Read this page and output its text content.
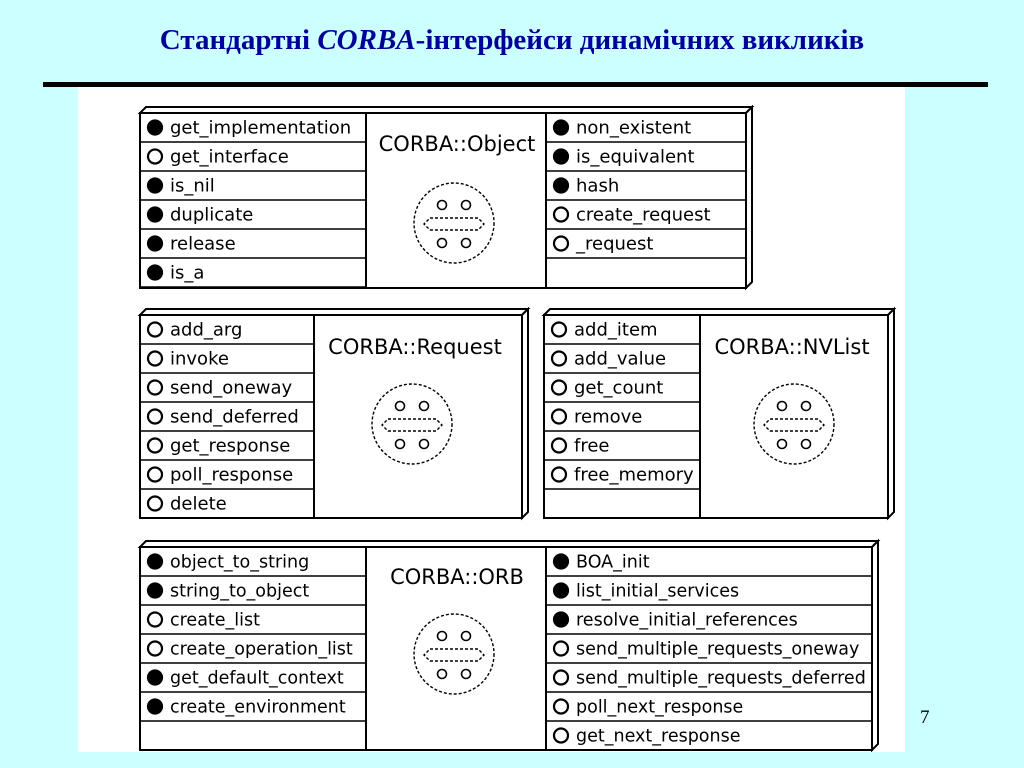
Стандартні CORBA-інтерфейси динамічних викликів
get_implementation
get_interface
is_nil
duplicate
release
is_a
non_existent
is_equivalent
hash
create_request
_request
CORBA::Object
add_arg
invoke
send_oneway
send_deferred
get_response
poll_response
delete
CORBA::Request
add_item
add_value
get_count
remove
free
free_memory
CORBA::NVList
object_to_string
string_to_object
create_list
create_operation_list
get_default_context
create_environment
BOA_init
list_initial_services
resolve_initial_references
send_multiple_requests_oneway
send_multiple_requests_deferred
poll_next_response
get_next_response
CORBA::ORB
7
